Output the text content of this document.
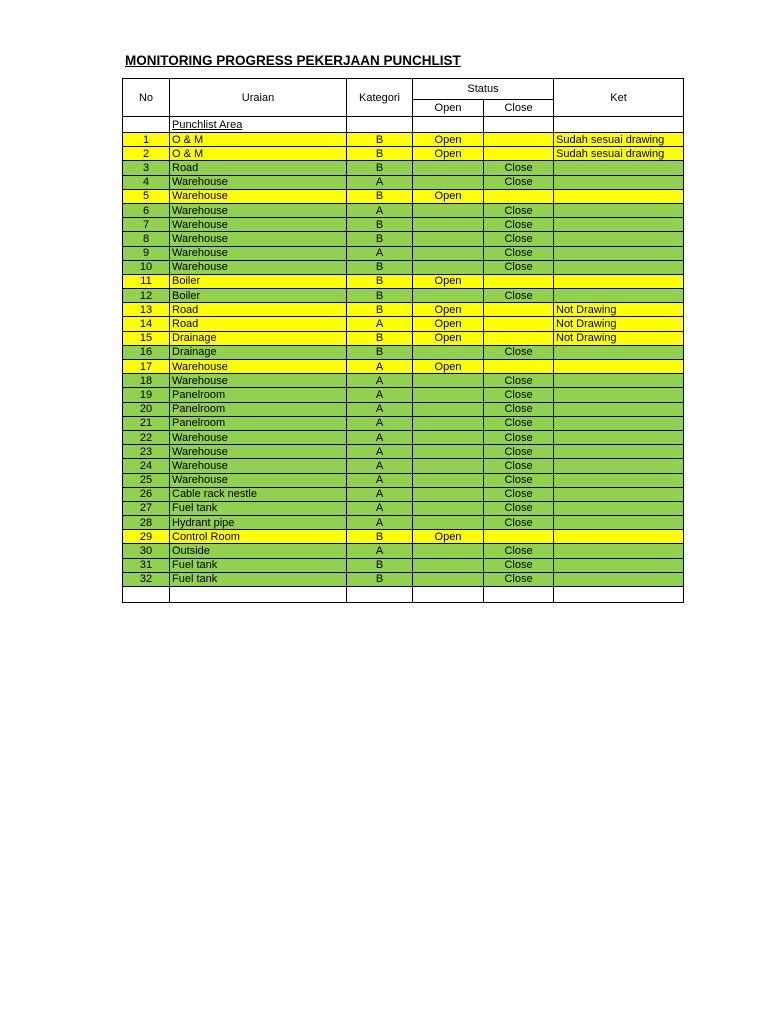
MONITORING PROGRESS PEKERJAAN PUNCHLIST
No	Uraian	Kategori	Status		Ket
			Open	Close	
	Punchlist Area				
1	O & M	B	Open		Sudah sesuai drawing
2	O & M	B	Open		Sudah sesuai drawing
3	Road	B		Close	
4	Warehouse	A		Close	
5	Warehouse	B	Open		
6	Warehouse	A		Close	
7	Warehouse	B		Close	
8	Warehouse	B		Close	
9	Warehouse	A		Close	
10	Warehouse	B		Close	
11	Boiler	B	Open		
12	Boiler	B		Close	
13	Road	B	Open		Not Drawing
14	Road	A	Open		Not Drawing
15	Drainage	B	Open		Not Drawing
16	Drainage	B		Close	
17	Warehouse	A	Open		
18	Warehouse	A		Close	
19	Panelroom	A		Close	
20	Panelroom	A		Close	
21	Panelroom	A		Close	
22	Warehouse	A		Close	
23	Warehouse	A		Close	
24	Warehouse	A		Close	
25	Warehouse	A		Close	
26	Cable rack nestle	A		Close	
27	Fuel tank	A		Close	
28	Hydrant pipe	A		Close	
29	Control Room	B	Open		
30	Outside	A		Close	
31	Fuel tank	B		Close	
32	Fuel tank	B		Close	
